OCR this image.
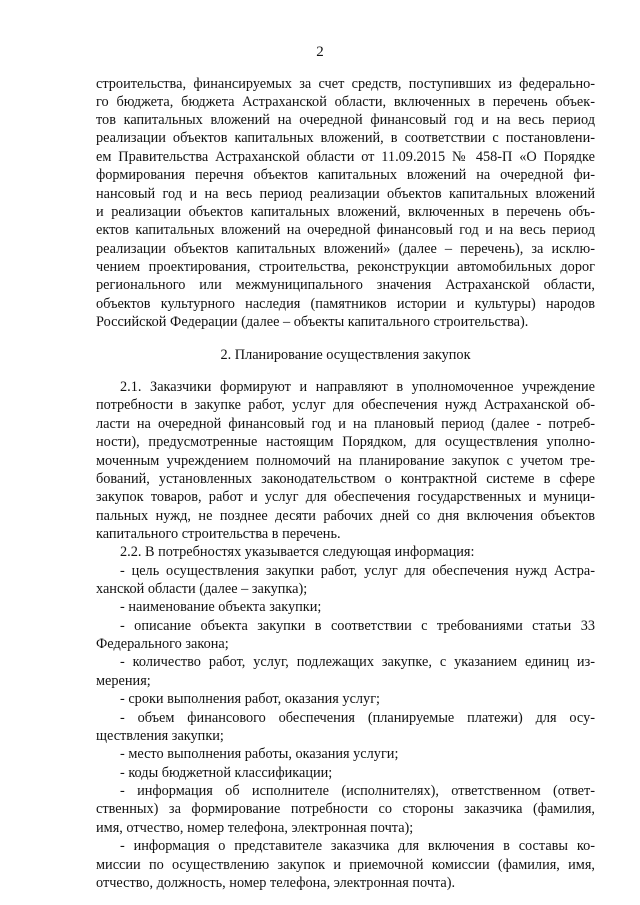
2
строительства, финансируемых за счет средств, поступивших из федерально-
го бюджета, бюджета Астраханской области, включенных в перечень объек-
тов капитальных вложений на очередной финансовый год и на весь период
реализации объектов капитальных вложений, в соответствии с постановлени-
ем Правительства Астраханской области от 11.09.2015 № 458-П «О Порядке
формирования перечня объектов капитальных вложений на очередной фи-
нансовый год и на весь период реализации объектов капитальных вложений
и реализации объектов капитальных вложений, включенных в перечень объ-
ектов капитальных вложений на очередной финансовый год и на весь период
реализации объектов капитальных вложений» (далее – перечень), за исклю-
чением проектирования, строительства, реконструкции автомобильных дорог
регионального или межмуниципального значения Астраханской области,
объектов культурного наследия (памятников истории и культуры) народов
Российской Федерации (далее – объекты капитального строительства).
2. Планирование осуществления закупок
2.1. Заказчики формируют и направляют в уполномоченное учреждение
потребности в закупке работ, услуг для обеспечения нужд Астраханской об-
ласти на очередной финансовый год и на плановый период (далее - потреб-
ности), предусмотренные настоящим Порядком, для осуществления уполно-
моченным учреждением полномочий на планирование закупок с учетом тре-
бований, установленных законодательством о контрактной системе в сфере
закупок товаров, работ и услуг для обеспечения государственных и муници-
пальных нужд, не позднее десяти рабочих дней со дня включения объектов
капитального строительства в перечень.
2.2. В потребностях указывается следующая информация:
- цель осуществления закупки работ, услуг для обеспечения нужд Астра-
ханской области (далее – закупка);
- наименование объекта закупки;
- описание объекта закупки в соответствии с требованиями статьи 33
Федерального закона;
- количество работ, услуг, подлежащих закупке, с указанием единиц из-
мерения;
- сроки выполнения работ, оказания услуг;
- объем финансового обеспечения (планируемые платежи) для осу-
ществления закупки;
- место выполнения работы, оказания услуги;
- коды бюджетной классификации;
- информация об исполнителе (исполнителях), ответственном (ответ-
ственных) за формирование потребности со стороны заказчика (фамилия,
имя, отчество, номер телефона, электронная почта);
- информация о представителе заказчика для включения в составы ко-
миссии по осуществлению закупок и приемочной комиссии (фамилия, имя,
отчество, должность, номер телефона, электронная почта).
